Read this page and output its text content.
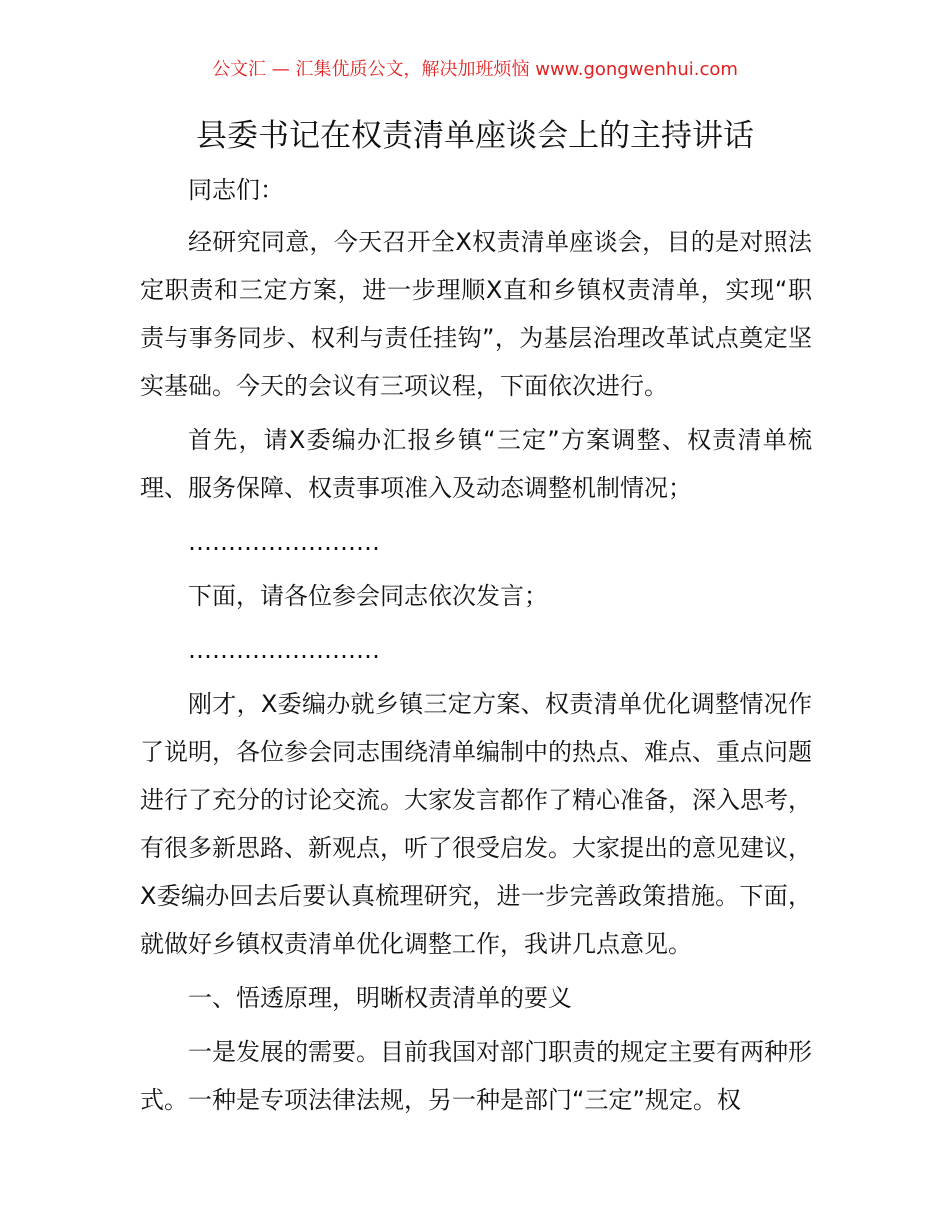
公文汇 — 汇集优质公文，解决加班烦恼 www.gongwenhui.com
县委书记在权责清单座谈会上的主持讲话

同志们：

经研究同意，今天召开全X权责清单座谈会，目的是对照法定职责和三定方案，进一步理顺X直和乡镇权责清单，实现“职责与事务同步、权利与责任挂钩”，为基层治理改革试点奠定坚实基础。今天的会议有三项议程，下面依次进行。

首先，请X委编办汇报乡镇“三定”方案调整、权责清单梳理、服务保障、权责事项准入及动态调整机制情况；

……………………

下面，请各位参会同志依次发言；

……………………

刚才，X委编办就乡镇三定方案、权责清单优化调整情况作了说明，各位参会同志围绕清单编制中的热点、难点、重点问题进行了充分的讨论交流。大家发言都作了精心准备，深入思考，有很多新思路、新观点，听了很受启发。大家提出的意见建议，X委编办回去后要认真梳理研究，进一步完善政策措施。下面，就做好乡镇权责清单优化调整工作，我讲几点意见。

一、悟透原理，明晰权责清单的要义

一是发展的需要。目前我国对部门职责的规定主要有两种形式。一种是专项法律法规，另一种是部门“三定”规定。权
